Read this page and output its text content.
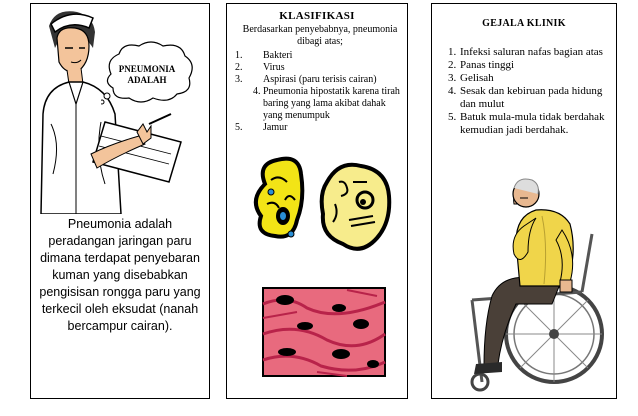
PNEUMONIA
ADALAH
Pneumonia adalah peradangan jaringan paru dimana terdapat penyebaran kuman yang disebabkan pengisisan rongga paru yang terkecil oleh eksudat (nanah bercampur cairan).
KLASIFIKASI
Berdasarkan penyebabnya, pneumonia dibagi atas;
1. Bakteri
2. Virus
3. Aspirasi (paru terisis cairan)
4. Pneumonia hipostatik karena tirah baring yang lama akibat dahak yang menumpuk
5. Jamur
GEJALA KLINIK
1. Infeksi saluran nafas bagian atas
2. Panas tinggi
3. Gelisah
4. Sesak dan kebiruan pada hidung dan mulut
5. Batuk mula-mula tidak berdahak kemudian jadi berdahak.
